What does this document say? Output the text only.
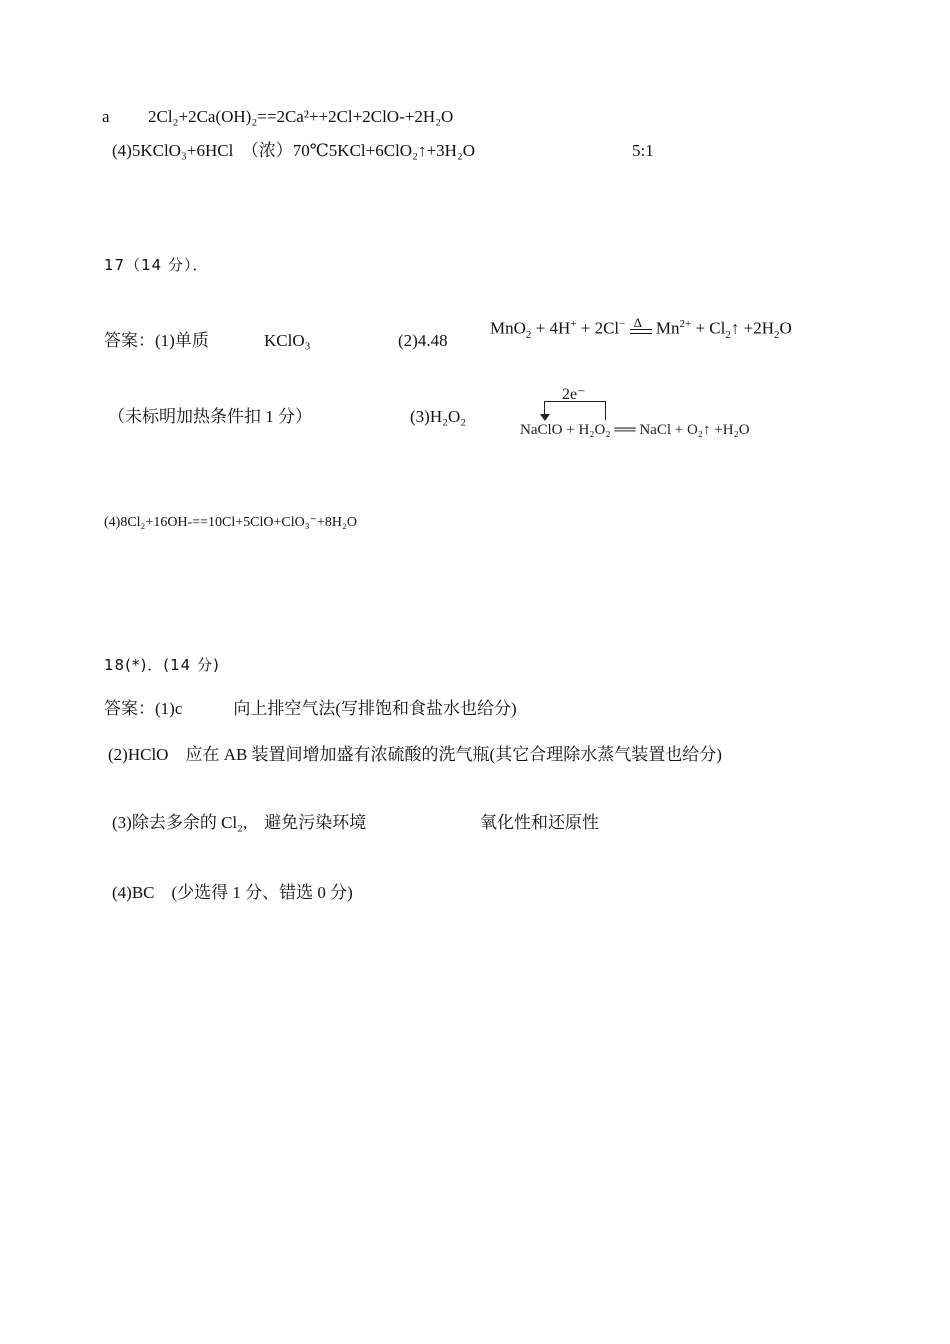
a 2Cl₂+2Ca(OH)₂==2Ca²++2Cl+2ClO-+2H₂O
(4)5KClO₃+6HCl　（浓）70℃5KCl+6ClO₂↑+3H₂O	5:1
17（14 分）．
答案：(1)单质	KClO₃	(2)4.48
MnO$_2$ + 4H+ + 2Cl− Δ $Mn^{2+}$ + $Cl_2↑ +2H_2O$
（未标明加热条件扣 1 分）	(3)H₂O₂
2e⁻
NaClO + H₂O₂ ══ NaCl + O₂↑ +H₂O
(4)8Cl₂+16OH-==10Cl+5ClO+ClO₃⁻+8H₂O
18(*)．(14 分)
答案：(1)c　　　向上排空气法(写排饱和食盐水也给分)
(2)HClO　应在 AB 装置间增加盛有浓硫酸的洗气瓶(其它合理除水蒸气装置也给分)
(3)除去多余的 Cl₂,　避免污染环境	氧化性和还原性
(4)BC　(少选得 1 分、错选 0 分)
